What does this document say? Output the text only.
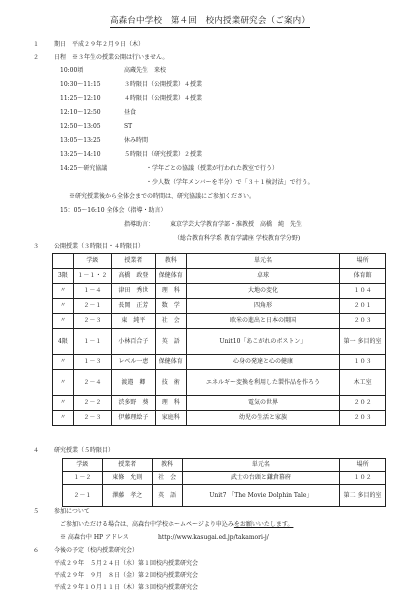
高森台中学校　第４回　校内授業研究会（ご案内）
１ 期日　平成２９年２月９日（木）
２ 日程　※３年生の授業公開は行いません。
10:00頃	高蔵先生　来校
10:30～11:15	３時限目（公開授業）４授業
11:25～12:10	４時限目（公開授業）４授業
12:10～12:50	昼食
12:50～13:05	ST
13:05～13:25	休み時間
13:25～14:10	５時限目（研究授業）２授業
14:25～研究協議	・学年ごとの協議（授業が行われた教室で行う）
・少人数（学年メンバーを半分）で「３＋１検討法」で行う。
※研究授業後から全体会までの時間は、研究協議にご参加ください。
15：05～16:10 全体会（指導・助言）
指導助言：	東京学芸大学教育学部・准教授　高橋　純　先生
（総合教育科学系 教育学講座 学校教育学分野)
３ 公開授業（３時限目・４時限目）
	学級	授業者	教科	単元名	場所
3限	１－１・２	高橋　政登	保健体育	卓球	体育館
〃	１－４	津田　秀世	理　科	大地の変化	１０４
〃	２－１	長岡　正芳	数　学	四角形	２０１
〃	２－３	東　純平	社　会	欧米の進出と日本の開国	２０３
4限	１－１	小林百合子	英　語	Unit10「あこがれのボストン」	第一 多目的室
〃	１－３	レベル一恵	保健体育	心身の発達と心の健康	１０３
〃	２－４	渡邉　卿	技　術	エネルギー変換を利用した製作品を作ろう	木工室
〃	２－２	渋多野　葵	理　科	電気の世界	２０２
〃	２－３	伊藤理絵子	家庭科	幼児の生活と家族	２０３
４ 研究授業（５時限目）
学級	授業者	教科	単元名	場所
１－２	東條　允則	社　会	武士の台頭と鎌倉幕府	１０２
２－１	澤藤　孝之	英　語	Unit7 「The Movie Dolphin Tale」	第二 多目的室
５ 参加について
ご参加いただける場合は、高森台中学校ホームページより申込みをお願いいたします。
※ 高森台中 HP アドレス	http://www.kasugai.ed.jp/takamori-j/
６ 今後の予定（校内授業研究会）
平成２９年　５月２４日（水）第１回校内授業研究会
平成２９年　９月　８日（金）第２回校内授業研究会
平成２９年１０月１１日（木）第３回校内授業研究会
